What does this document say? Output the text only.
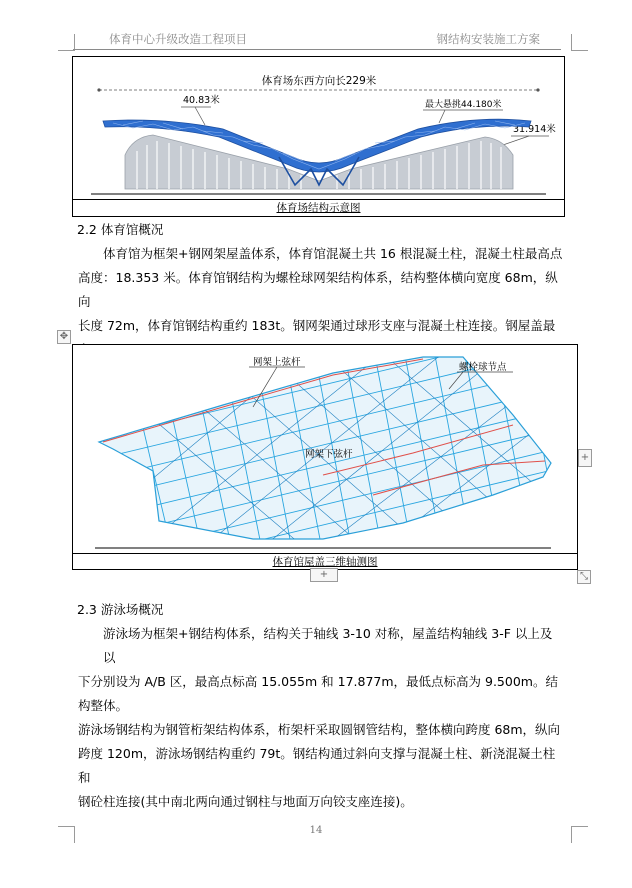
体育中心升级改造工程项目	钢结构安装施工方案
体育场东西方向长229米
40.83米	最大悬挑44.180米
31.914米
体育场结构示意图
2.2 体育馆概况

体育馆为框架+钢网架屋盖体系，体育馆混凝土共 16 根混凝土柱，混凝土柱最高点

高度：18.353 米。体育馆钢结构为螺栓球网架结构体系，结构整体横向宽度 68m，纵向

长度 72m，体育馆钢结构重约 183t。钢网架通过球形支座与混凝土柱连接。钢屋盖最

✥
网架上弦杆	螺栓球节点
网架下弦杆
体育馆屋盖三维轴测图
+
+	⤡
2.3 游泳场概况

游泳场为框架+钢结构体系，结构关于轴线 3-10 对称，屋盖结构轴线 3-F 以上及以

下分别设为 A/B 区，最高点标高 15.055m 和 17.877m，最低点标高为 9.500m。结构整体。

游泳场钢结构为钢管桁架结构体系，桁架杆采取圆钢管结构，整体横向跨度 68m，纵向

跨度 120m，游泳场钢结构重约 79t。钢结构通过斜向支撑与混凝土柱、新浇混凝土柱和

钢砼柱连接(其中南北两向通过钢柱与地面万向铰支座连接)。

14
